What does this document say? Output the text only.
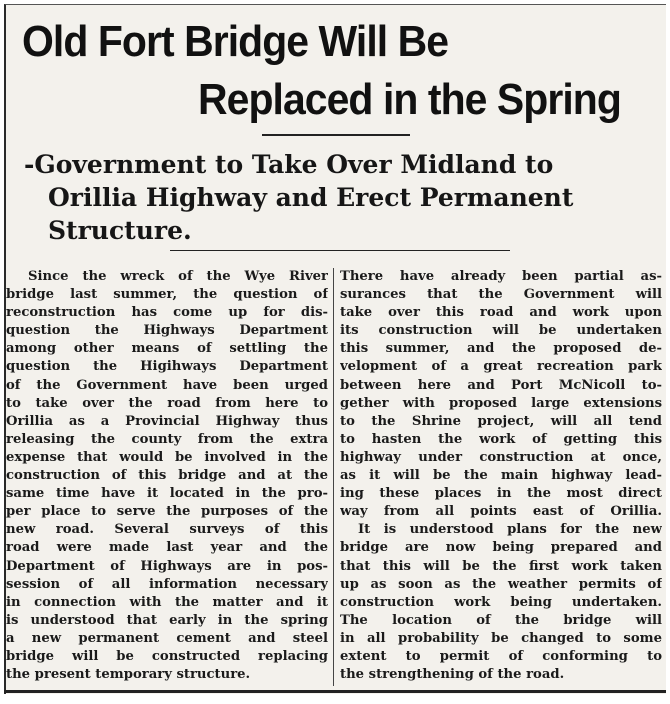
Old Fort Bridge Will Be
Replaced in the Spring
-Government to Take Over Midland to
Orillia Highway and Erect Permanent
Structure.
Since the wreck of the Wye River
bridge last summer, the question of
reconstruction has come up for dis-
question the Highways Department
among other means of settling the
question the Higihways Department
of the Government have been urged
to take over the road from here to
Orillia as a Provincial Highway thus
releasing the county from the extra
expense that would be involved in the
construction of this bridge and at the
same time have it located in the pro-
per place to serve the purposes of the
new road. Several surveys of this
road were made last year and the
Department of Highways are in pos-
session of all information necessary
in connection with the matter and it
is understood that early in the spring
a new permanent cement and steel
bridge will be constructed replacing
the present temporary structure.
There have already been partial as-
surances that the Government will
take over this road and work upon
its construction will be undertaken
this summer, and the proposed de-
velopment of a great recreation park
between here and Port McNicoll to-
gether with proposed large extensions
to the Shrine project, will all tend
to hasten the work of getting this
highway under construction at once,
as it will be the main highway lead-
ing these places in the most direct
way from all points east of Orillia.
It is understood plans for the new
bridge are now being prepared and
that this will be the first work taken
up as soon as the weather permits of
construction work being undertaken.
The location of the bridge will
in all probability be changed to some
extent to permit of conforming to
the strengthening of the road.
